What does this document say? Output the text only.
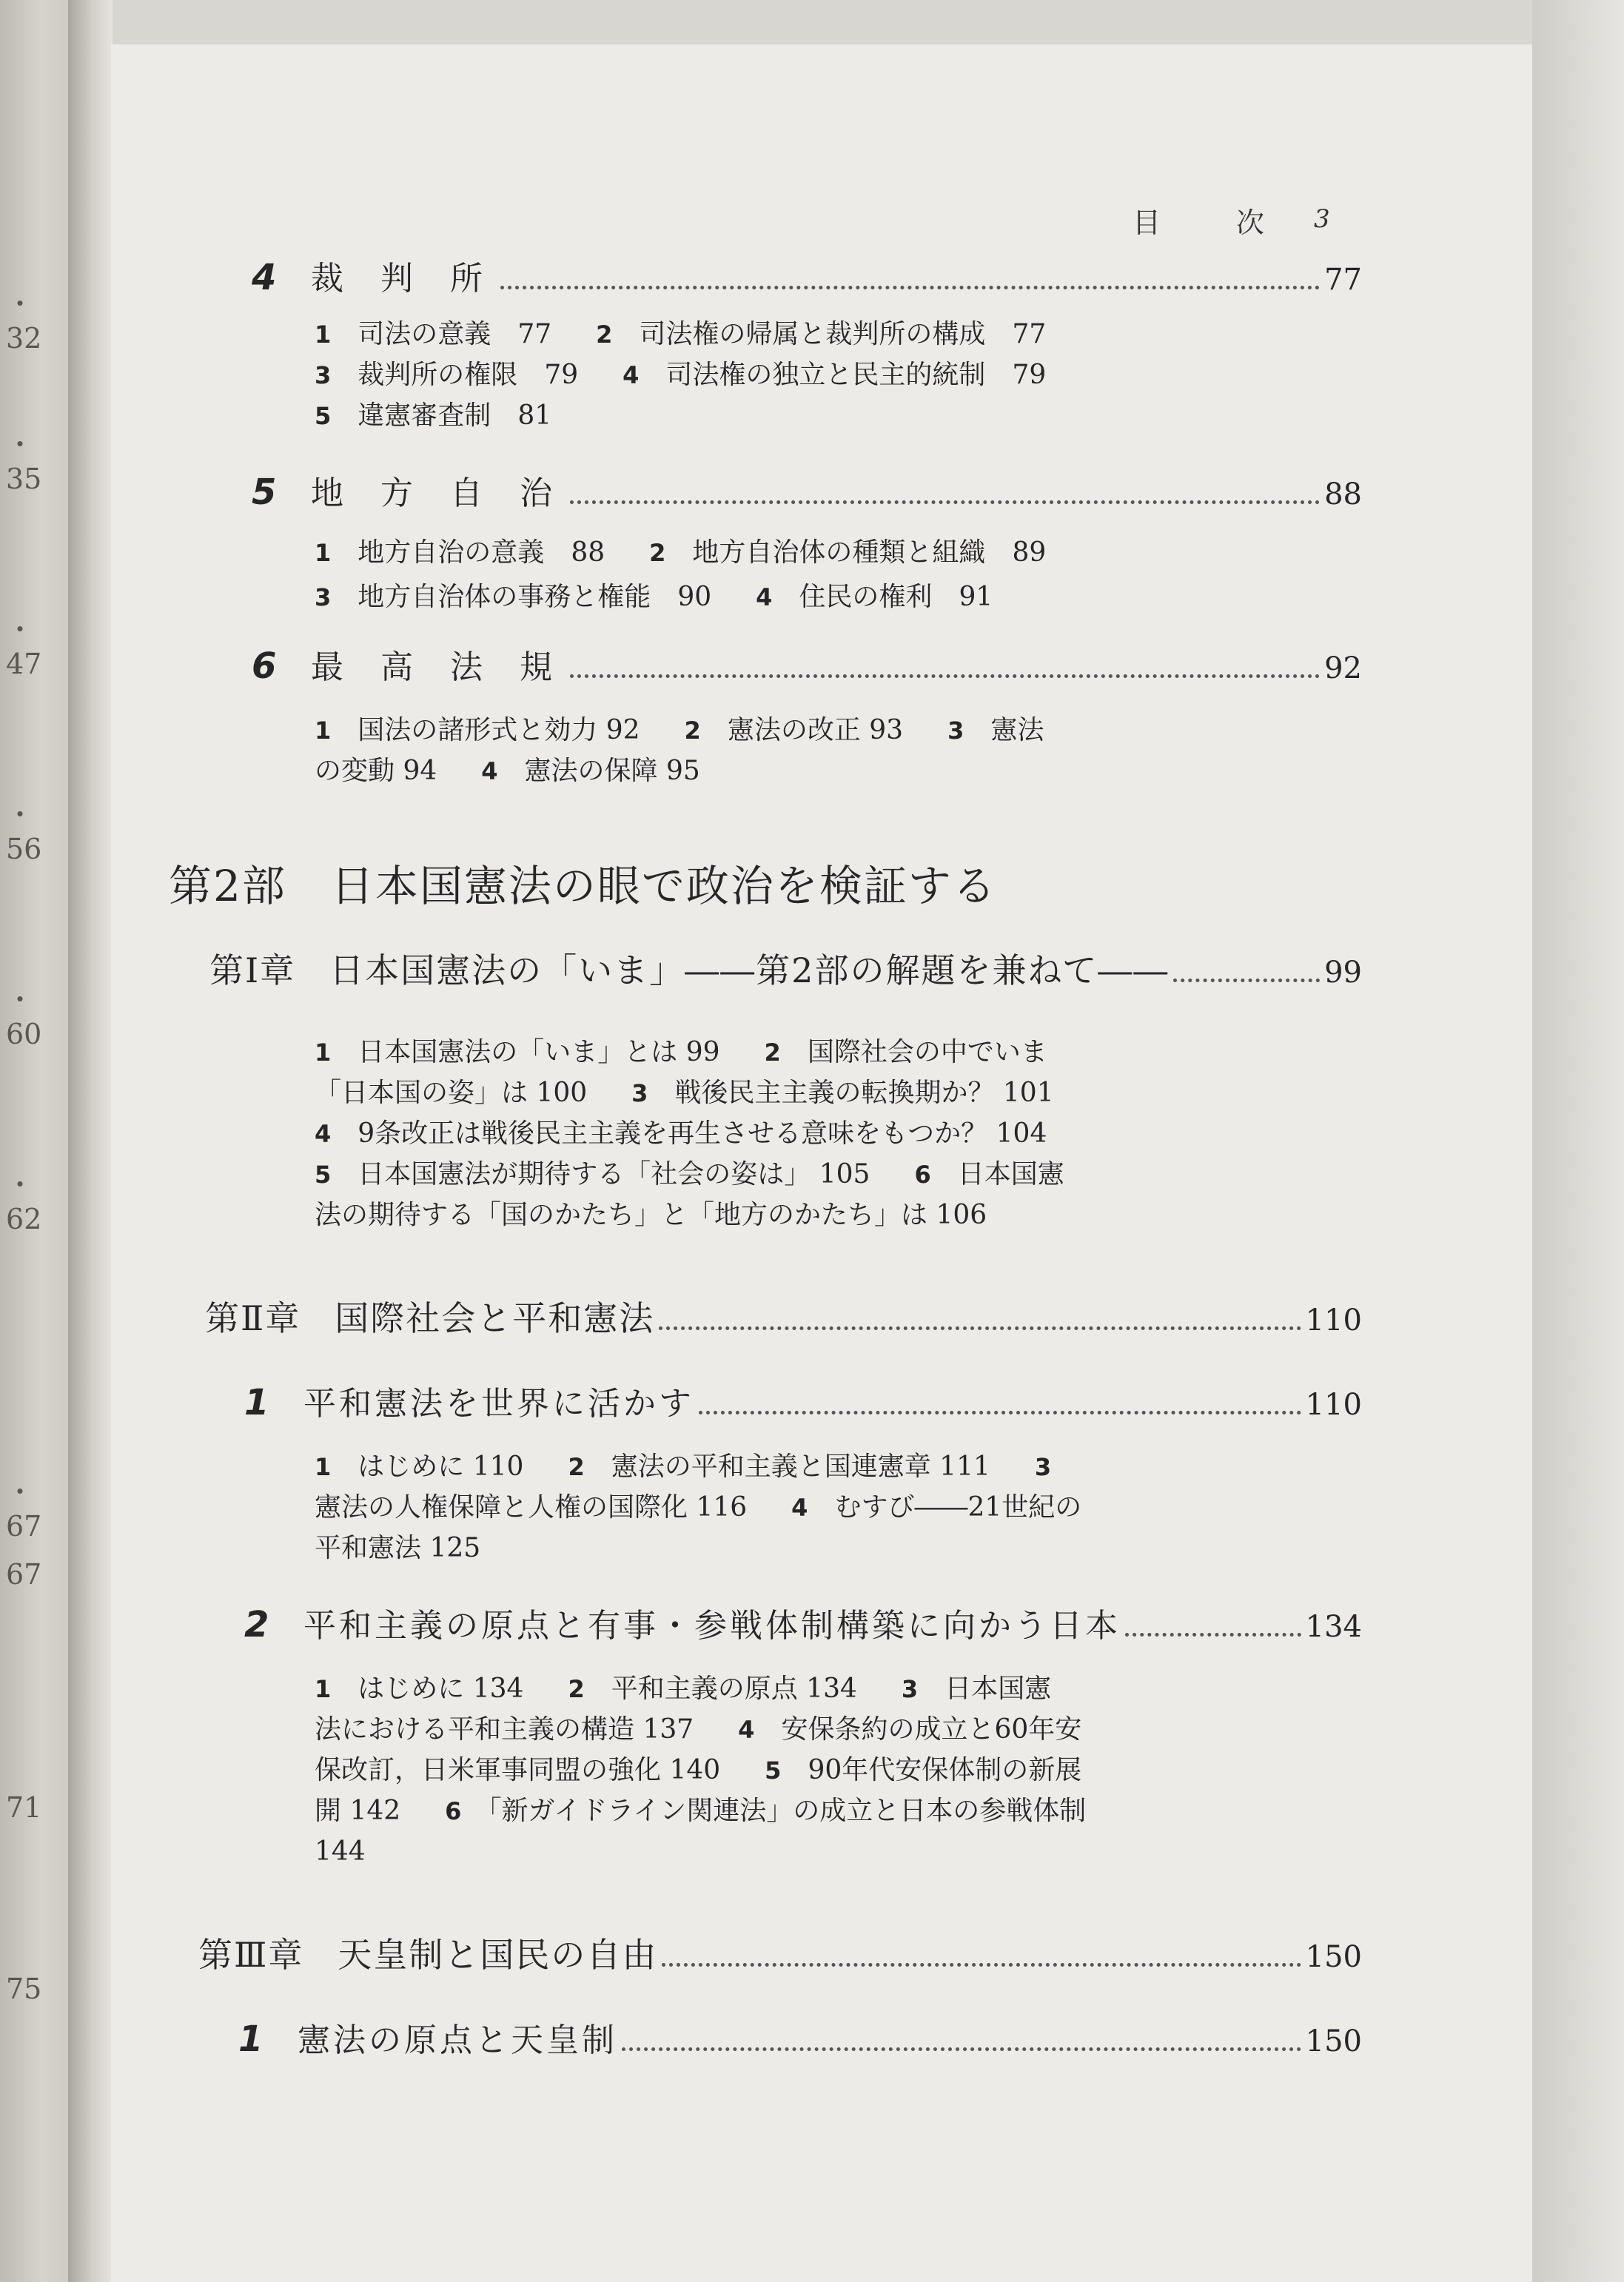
・32
・35
・47
・56
・60
・62
・67
67
71
75
目	次 3
4	裁 判 所	77
1　 司法の意義　 77 2　 司法権の帰属と裁判所の構成　 77
3　 裁判所の権限　 79 4　 司法権の独立と民主的統制　 79
5　 違憲審査制　 81
5	地 方 自 治	88
1　 地方自治の意義　 88 2　 地方自治体の種類と組織　 89
3　 地方自治体の事務と権能　 90 4　 住民の権利　 91
6	最 高 法 規	92
1　 国法の諸形式と効力 92 2　 憲法の改正 93 3　 憲法
の変動 94 4　 憲法の保障 95
第2部　日本国憲法の眼で政治を検証する
第Ⅰ章 日本国憲法の「いま」――第2部の解題を兼ねて――	99
1　 日本国憲法の「いま」とは 99 2　 国際社会の中でいま
「日本国の姿」は 100 3　 戦後民主主義の転換期か？ 101
4　 9条改正は戦後民主主義を再生させる意味をもつか？ 104
5　 日本国憲法が期待する「社会の姿は」 105 6　 日本国憲
法の期待する「国のかたち」と「地方のかたち」は 106
第Ⅱ章 国際社会と平和憲法	110
1	平和憲法を世界に活かす	110
1　 はじめに 110 2　 憲法の平和主義と国連憲章 111 3
憲法の人権保障と人権の国際化 116 4　 むすび――21世紀の
平和憲法 125
2	平和主義の原点と有事・参戦体制構築に向かう日本	134
1　 はじめに 134 2　 平和主義の原点 134 3　 日本国憲
法における平和主義の構造 137 4　 安保条約の成立と60年安
保改訂，日米軍事同盟の強化 140 5　 90年代安保体制の新展
開 142 6　 「新ガイドライン関連法」の成立と日本の参戦体制
144
第Ⅲ章 天皇制と国民の自由	150
1	憲法の原点と天皇制	150
